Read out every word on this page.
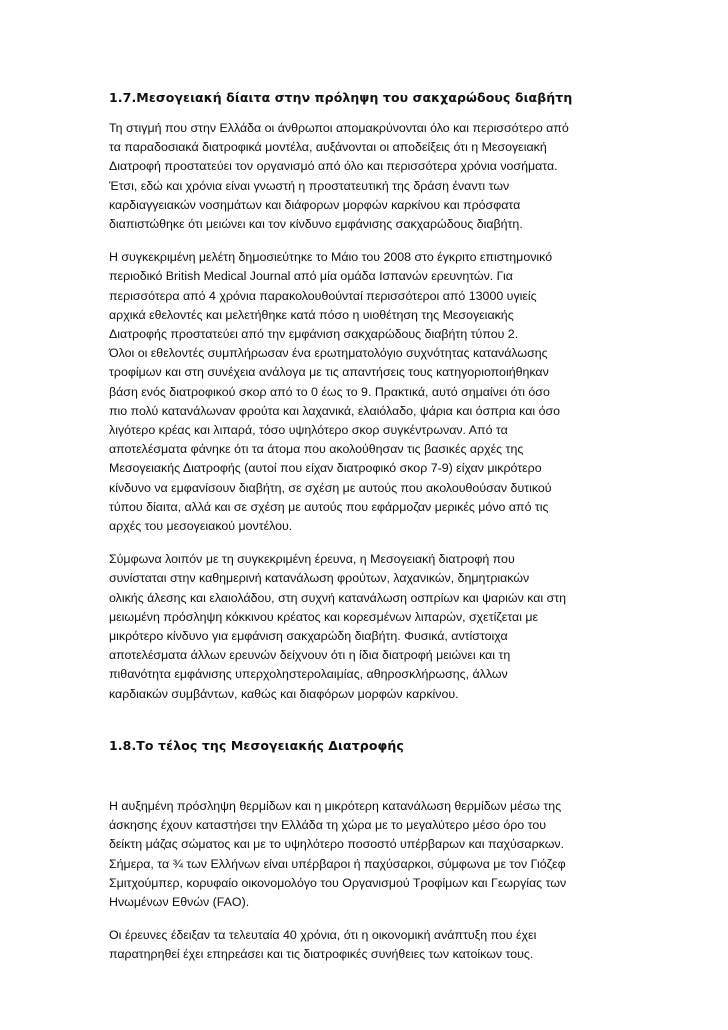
1.7.Μεσογειακή δίαιτα στην πρόληψη του σακχαρώδους διαβήτη

Τη στιγμή που στην Ελλάδα οι άνθρωποι απομακρύνονται όλο και περισσότερο από
τα παραδοσιακά διατροφικά μοντέλα, αυξάνονται οι αποδείξεις ότι η Μεσογειακή
Διατροφή προστατεύει τον οργανισμό από όλο και περισσότερα χρόνια νοσήματα.
Έτσι, εδώ και χρόνια είναι γνωστή η προστατευτική της δράση έναντι των
καρδιαγγειακών νοσημάτων και διάφορων μορφών καρκίνου και πρόσφατα
διαπιστώθηκε ότι μειώνει και τον κίνδυνο εμφάνισης σακχαρώδους διαβήτη.

Η συγκεκριμένη μελέτη δημοσιεύτηκε το Μάιο του 2008 στο έγκριτο επιστημονικό
περιοδικό British Medical Journal από μία ομάδα Ισπανών ερευνητών. Για
περισσότερα από 4 χρόνια παρακολουθούνταί περισσότεροι από 13000 υγιείς
αρχικά εθελοντές και μελετήθηκε κατά πόσο η υιοθέτηση της Μεσογειακής
Διατροφής προστατεύει από την εμφάνιση σακχαρώδους διαβήτη τύπου 2.
Όλοι οι εθελοντές συμπλήρωσαν ένα ερωτηματολόγιο συχνότητας κατανάλωσης
τροφίμων και στη συνέχεια ανάλογα με τις απαντήσεις τους κατηγοριοποιήθηκαν
βάση ενός διατροφικού σκορ από το 0 έως το 9. Πρακτικά, αυτό σημαίνει ότι όσο
πιο πολύ κατανάλωναν φρούτα και λαχανικά, ελαιόλαδο, ψάρια και όσπρια και όσο
λιγότερο κρέας και λιπαρά, τόσο υψηλότερο σκορ συγκέντρωναν. Από τα
αποτελέσματα φάνηκε ότι τα άτομα που ακολούθησαν τις βασικές αρχές της
Μεσογειακής Διατροφής (αυτοί που είχαν διατροφικό σκορ 7-9) είχαν μικρότερο
κίνδυνο να εμφανίσουν διαβήτη, σε σχέση με αυτούς που ακολουθούσαν δυτικού
τύπου δίαιτα, αλλά και σε σχέση με αυτούς που εφάρμοζαν μερικές μόνο από τις
αρχές του μεσογειακού μοντέλου.

Σύμφωνα λοιπόν με τη συγκεκριμένη έρευνα, η Μεσογειακή διατροφή που
συνίσταται στην καθημερινή κατανάλωση φρούτων, λαχανικών, δημητριακών
ολικής άλεσης και ελαιολάδου, στη συχνή κατανάλωση οσπρίων και ψαριών και στη
μειωμένη πρόσληψη κόκκινου κρέατος και κορεσμένων λιπαρών, σχετίζεται με
μικρότερο κίνδυνο για εμφάνιση σακχαρώδη διαβήτη. Φυσικά, αντίστοιχα
αποτελέσματα άλλων ερευνών δείχνουν ότι η ίδια διατροφή μειώνει και τη
πιθανότητα εμφάνισης υπερχοληστερολαιμίας, αθηροσκλήρωσης, άλλων
καρδιακών συμβάντων, καθώς και διαφόρων μορφών καρκίνου.

1.8.Το τέλος της Μεσογειακής Διατροφής

Η αυξημένη πρόσληψη θερμίδων και η μικρότερη κατανάλωση θερμίδων μέσω της
άσκησης έχουν καταστήσει την Ελλάδα τη χώρα με το μεγαλύτερο μέσο όρο του
δείκτη μάζας σώματος και με το υψηλότερο ποσοστό υπέρβαρων και παχύσαρκων.
Σήμερα, τα ¾ των Ελλήνων είναι υπέρβαροι ή παχύσαρκοι, σύμφωνα με τον Γιόζεφ
Σμιτχούμπερ, κορυφαίο οικονομολόγο του Οργανισμού Τροφίμων και Γεωργίας των
Ηνωμένων Εθνών (FAO).

Οι έρευνες έδειξαν τα τελευταία 40 χρόνια, ότι η οικονομική ανάπτυξη που έχει
παρατηρηθεί έχει επηρεάσει και τις διατροφικές συνήθειες των κατοίκων τους.
